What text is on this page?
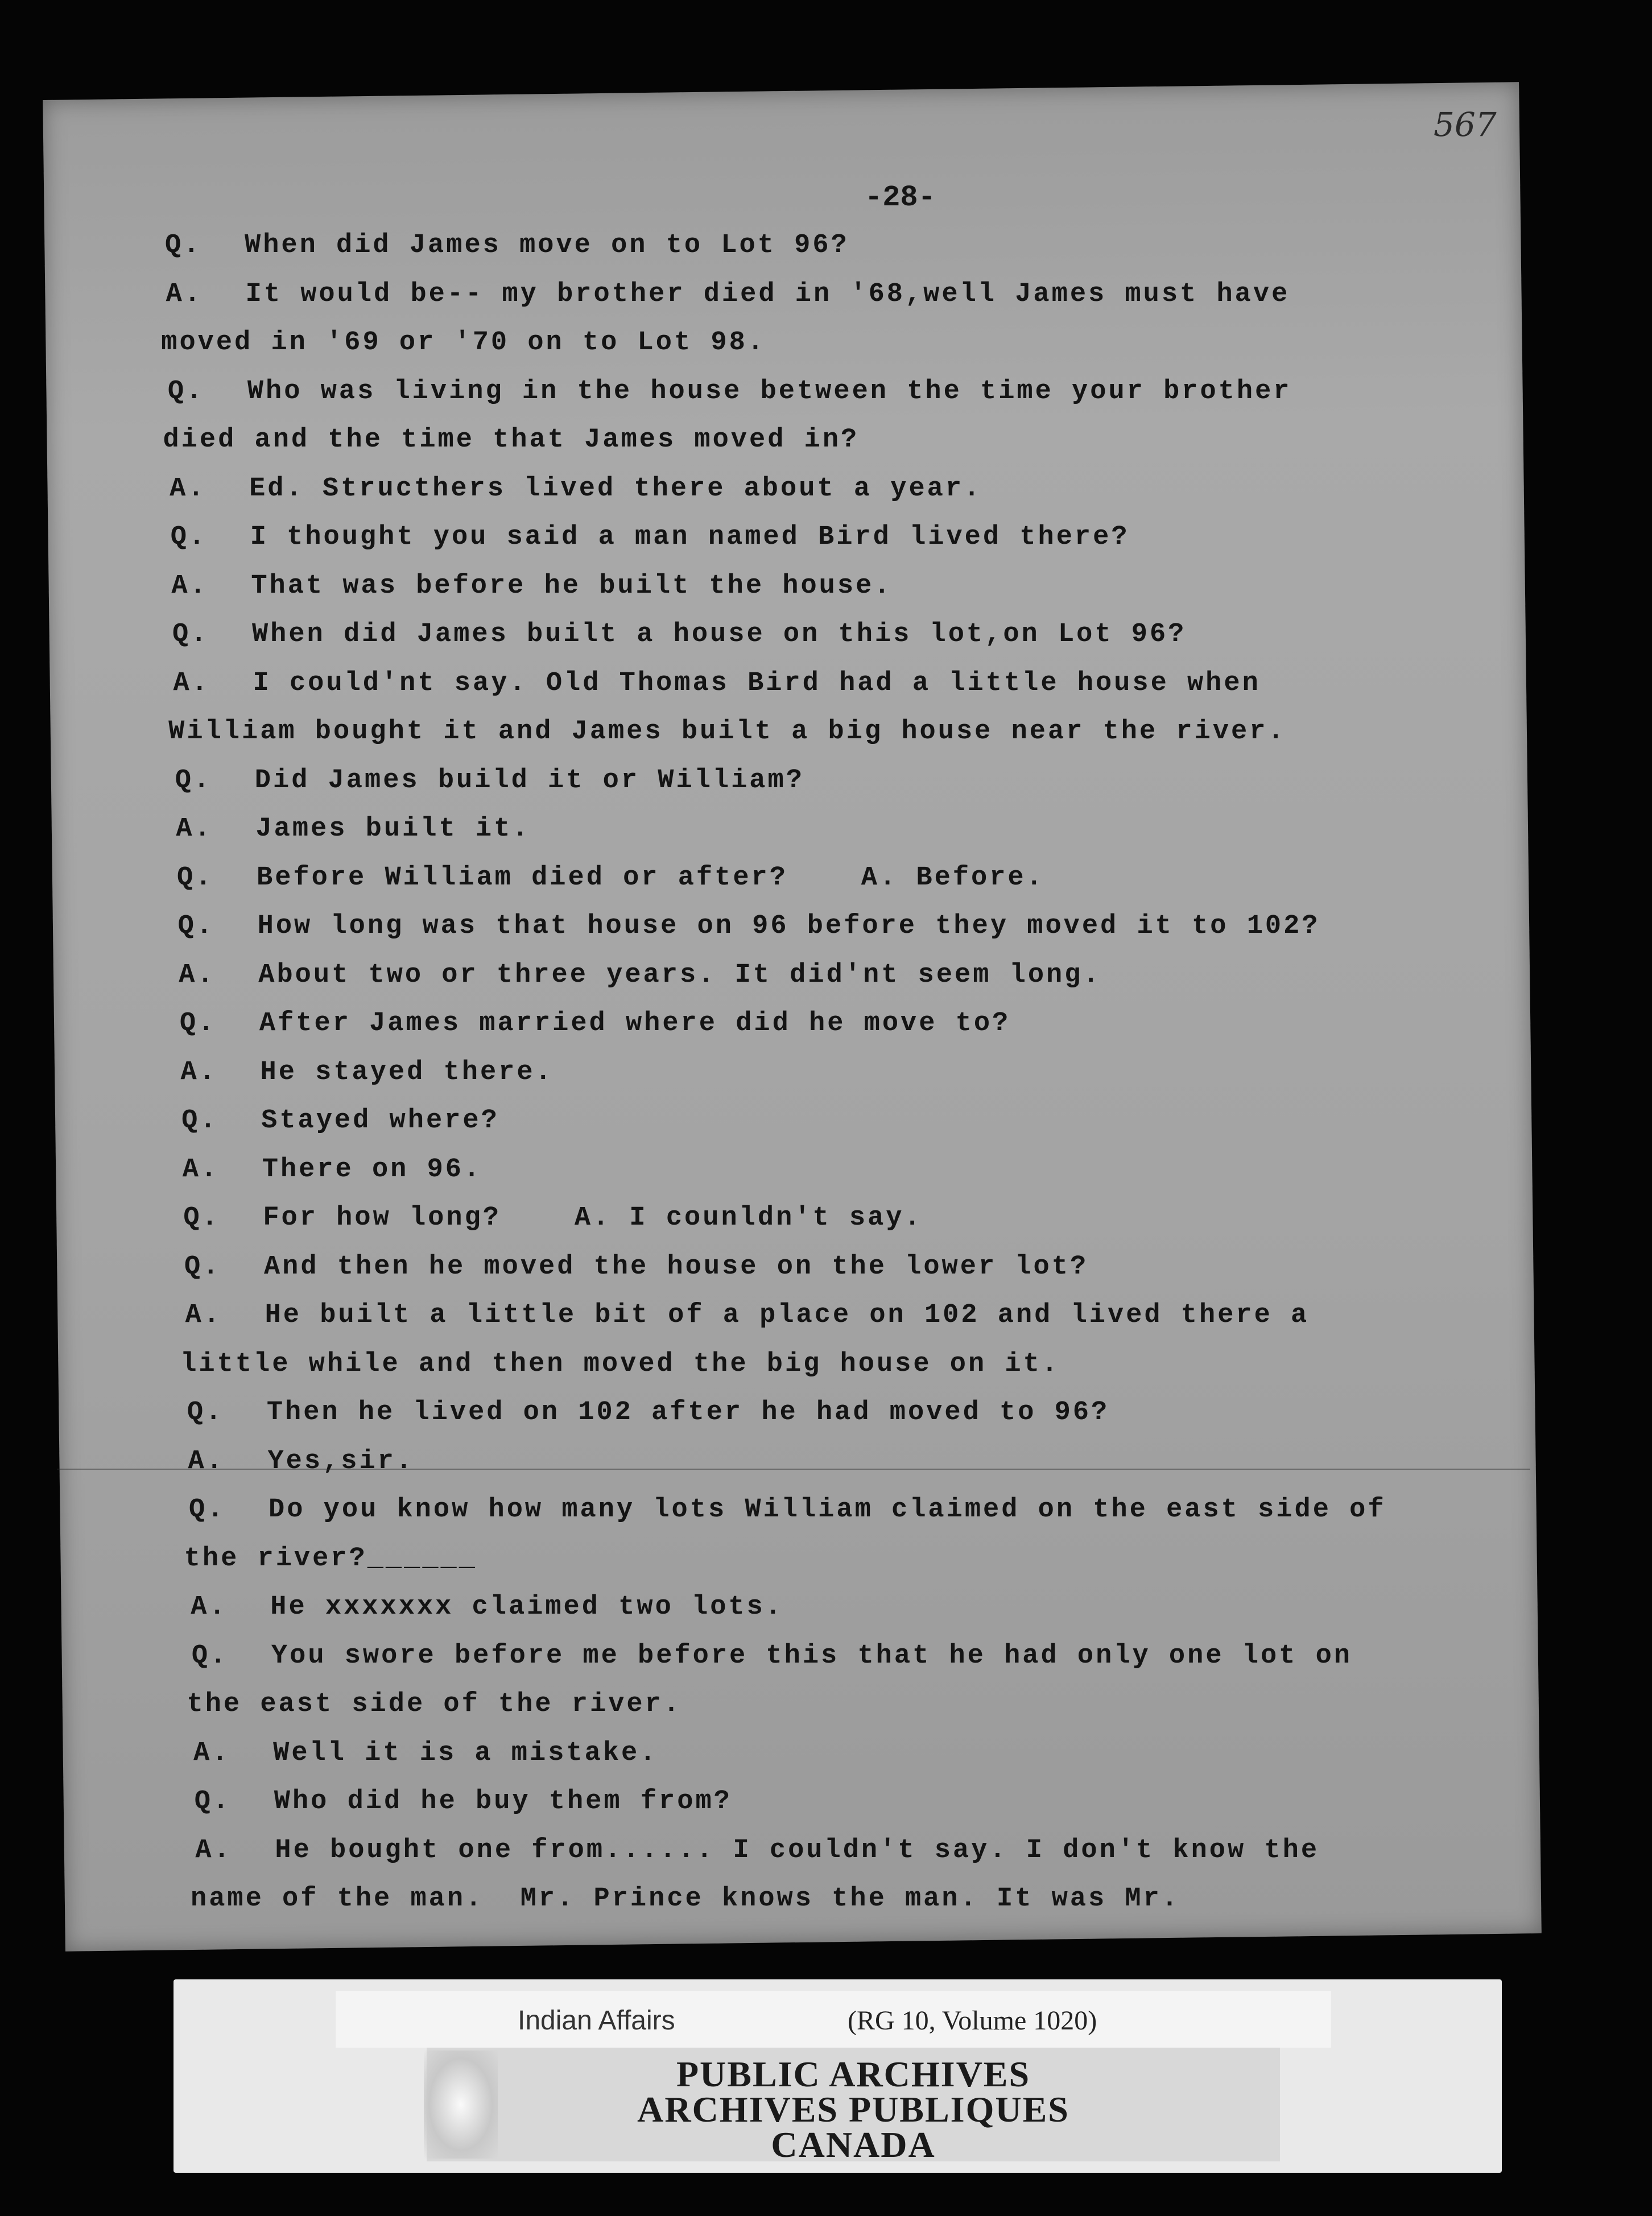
567
-28-
Q. When did James move on to Lot 96?
A. It would be-- my brother died in '68,well James must have
moved in '69 or '70 on to Lot 98.
Q. Who was living in the house between the time your brother
died and the time that James moved in?
A. Ed. Structhers lived there about a year.
Q. I thought you said a man named Bird lived there?
A. That was before he built the house.
Q. When did James built a house on this lot,on Lot 96?
A. I could'nt say. Old Thomas Bird had a little house when
William bought it and James built a big house near the river.
Q. Did James build it or William?
A. James built it.
Q. Before William died or after?    A. Before.
Q. How long was that house on 96 before they moved it to 102?
A. About two or three years. It did'nt seem long.
Q. After James married where did he move to?
A. He stayed there.
Q. Stayed where?
A. There on 96.
Q. For how long?    A. I counldn't say.
Q. And then he moved the house on the lower lot?
A. He built a little bit of a place on 102 and lived there a
little while and then moved the big house on it.
Q. Then he lived on 102 after he had moved to 96?
A. Yes,sir.
Q. Do you know how many lots William claimed on the east side of
the river?______
A. He xxxxxxx claimed two lots.
Q. You swore before me before this that he had only one lot on
the east side of the river.
A. Well it is a mistake.
Q. Who did he buy them from?
A. He bought one from...... I couldn't say. I don't know the
name of the man.  Mr. Prince knows the man. It was Mr.
Indian Affairs	(RG 10, Volume 1020)
PUBLIC ARCHIVES
ARCHIVES PUBLIQUES
CANADA
